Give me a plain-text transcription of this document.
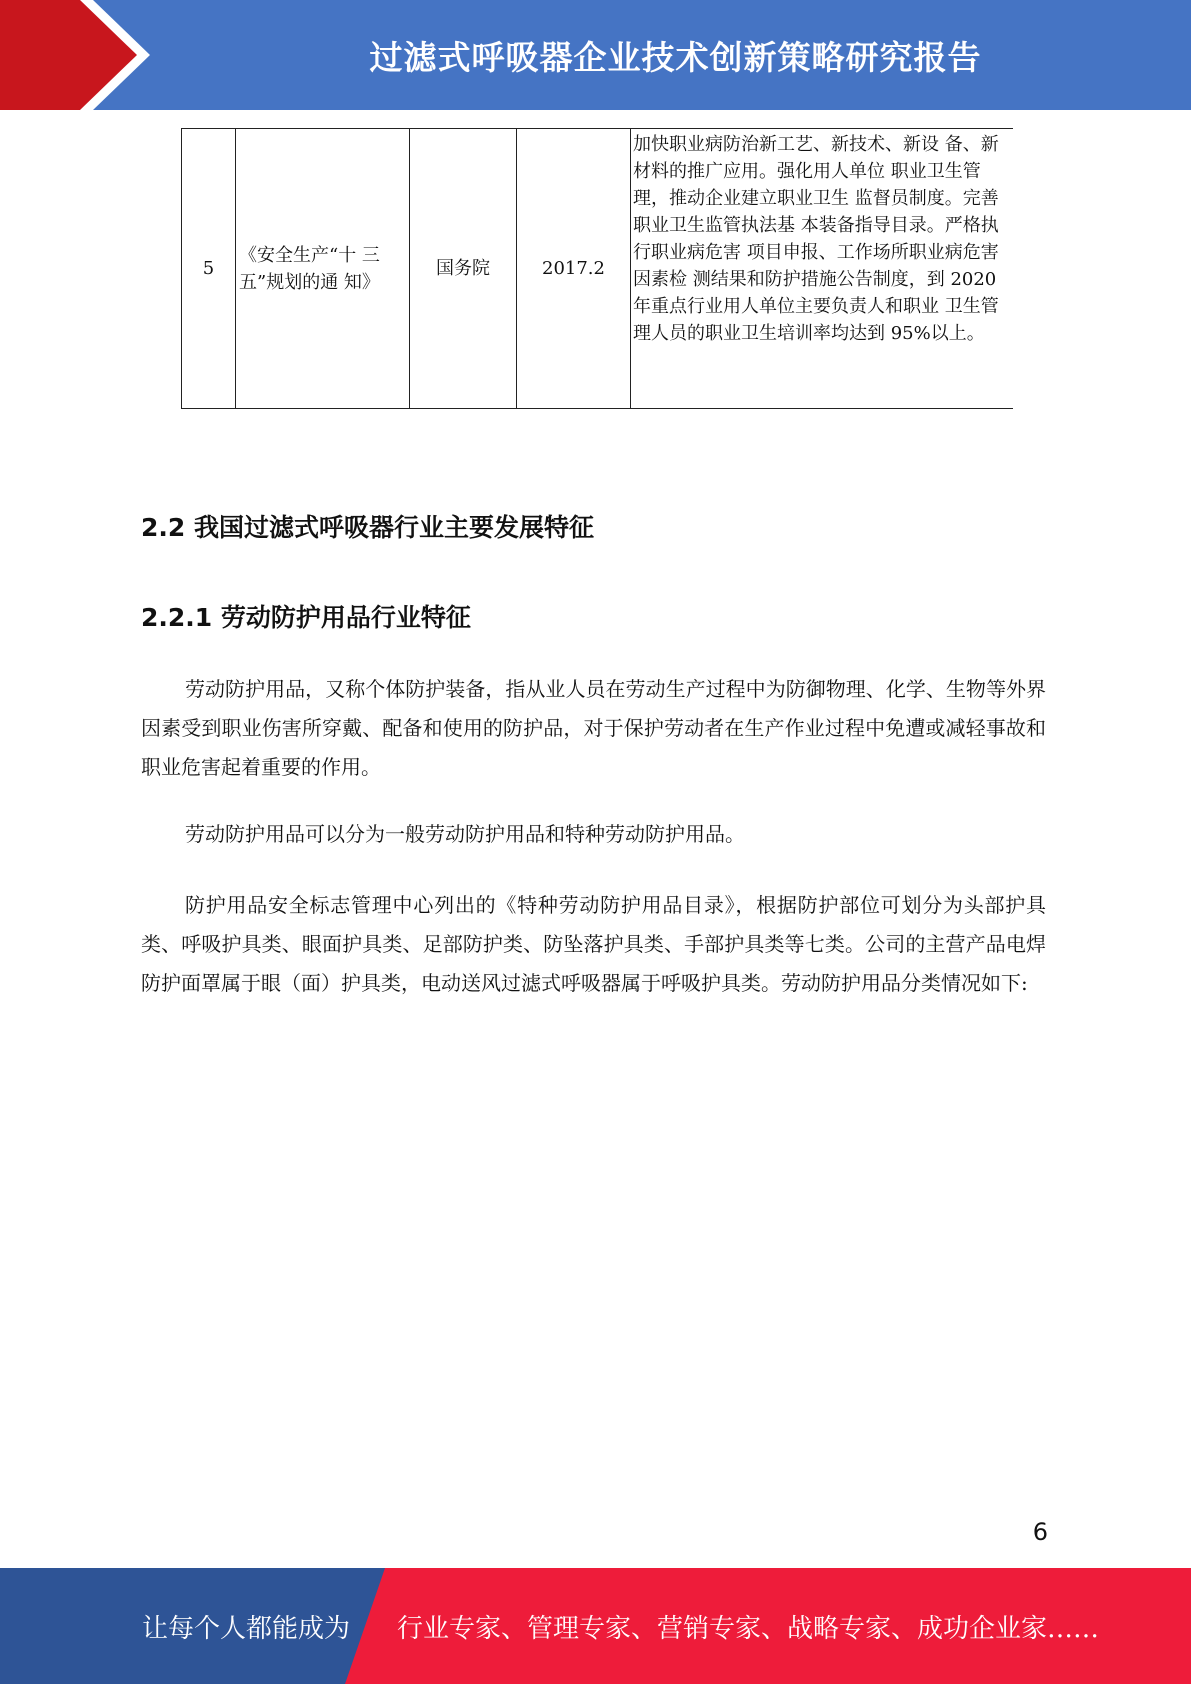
过滤式呼吸器企业技术创新策略研究报告
5	《安全生产“十 三五”规划的通 知》	国务院	2017.2	加快职业病防治新工艺、新技术、新设 备、新材料的推广应用。强化用人单位 职业卫生管理，推动企业建立职业卫生 监督员制度。完善职业卫生监管执法基 本装备指导目录。严格执行职业病危害 项目申报、工作场所职业病危害因素检 测结果和防护措施公告制度，到 2020 年重点行业用人单位主要负责人和职业 卫生管理人员的职业卫生培训率均达到 95%以上。
2.2 我国过滤式呼吸器行业主要发展特征
2.2.1 劳动防护用品行业特征

劳动防护用品，又称个体防护装备，指从业人员在劳动生产过程中为防御物理、化学、生物等外界因素受到职业伤害所穿戴、配备和使用的防护品，对于保护劳动者在生产作业过程中免遭或减轻事故和职业危害起着重要的作用。

劳动防护用品可以分为一般劳动防护用品和特种劳动防护用品。

防护用品安全标志管理中心列出的《特种劳动防护用品目录》，根据防护部位可划分为头部护具类、呼吸护具类、眼面护具类、足部防护类、防坠落护具类、手部护具类等七类。公司的主营产品电焊防护面罩属于眼（面）护具类，电动送风过滤式呼吸器属于呼吸护具类。劳动防护用品分类情况如下:

6
让每个人都能成为 行业专家、管理专家、营销专家、战略专家、成功企业家……
